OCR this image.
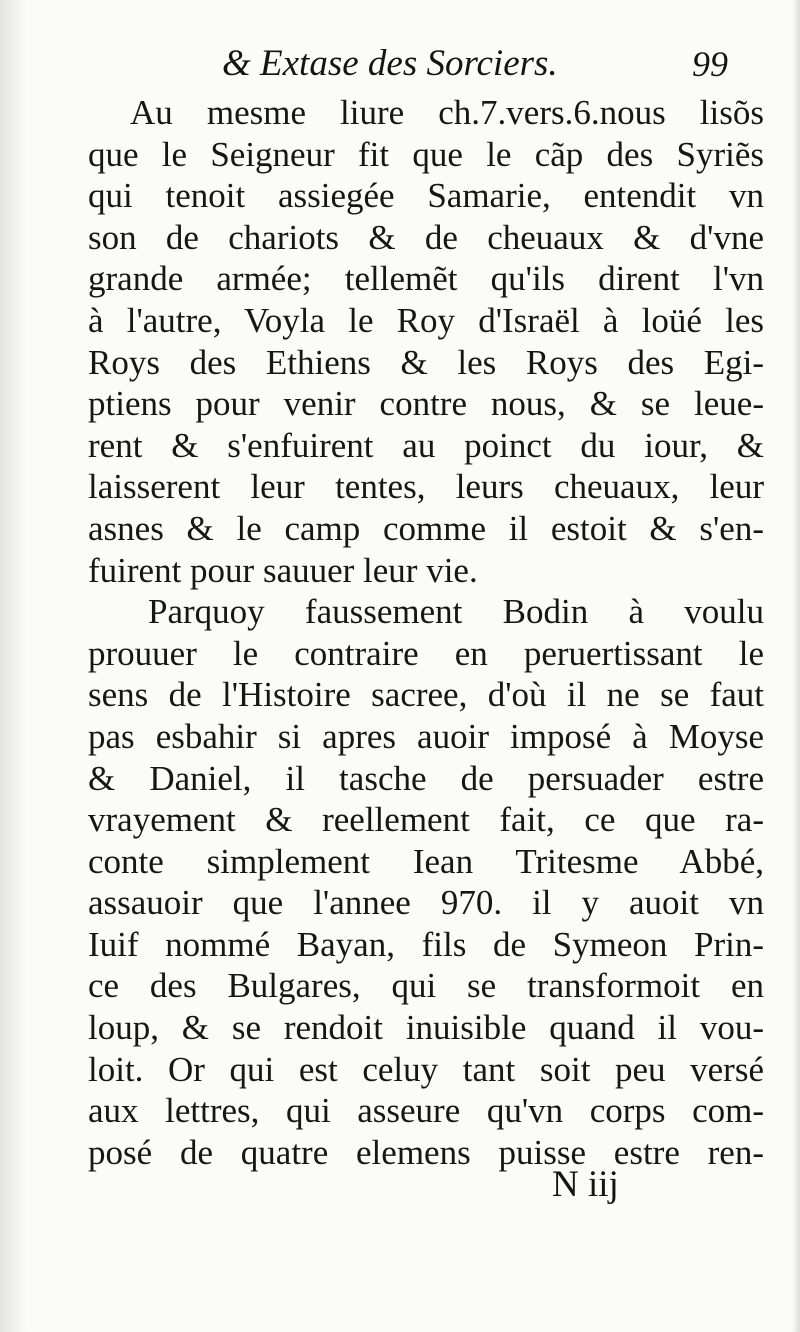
& Extase des Sorciers.	99
Au mesme liure ch.7.vers.6.nous lisõs
que le Seigneur fit que le cãp des Syriẽs
qui tenoit assiegée Samarie, entendit vn
son de chariots & de cheuaux & d'vne
grande armée; tellemẽt qu'ils dirent l'vn
à l'autre, Voyla le Roy d'Israël à loüé les
Roys des Ethiens & les Roys des Egi-
ptiens pour venir contre nous, & se leue-
rent & s'enfuirent au poinct du iour, &
laisserent leur tentes, leurs cheuaux, leur
asnes & le camp comme il estoit & s'en-
fuirent pour sauuer leur vie.
Parquoy faussement Bodin à voulu
prouuer le contraire en peruertissant le
sens de l'Histoire sacree, d'où il ne se faut
pas esbahir si apres auoir imposé à Moyse
& Daniel, il tasche de persuader estre
vrayement & reellement fait, ce que ra-
conte simplement Iean Tritesme Abbé,
assauoir que l'annee 970. il y auoit vn
Iuif nommé Bayan, fils de Symeon Prin-
ce des Bulgares, qui se transformoit en
loup, & se rendoit inuisible quand il vou-
loit. Or qui est celuy tant soit peu versé
aux lettres, qui asseure qu'vn corps com-
posé de quatre elemens puisse estre ren-
N iij
